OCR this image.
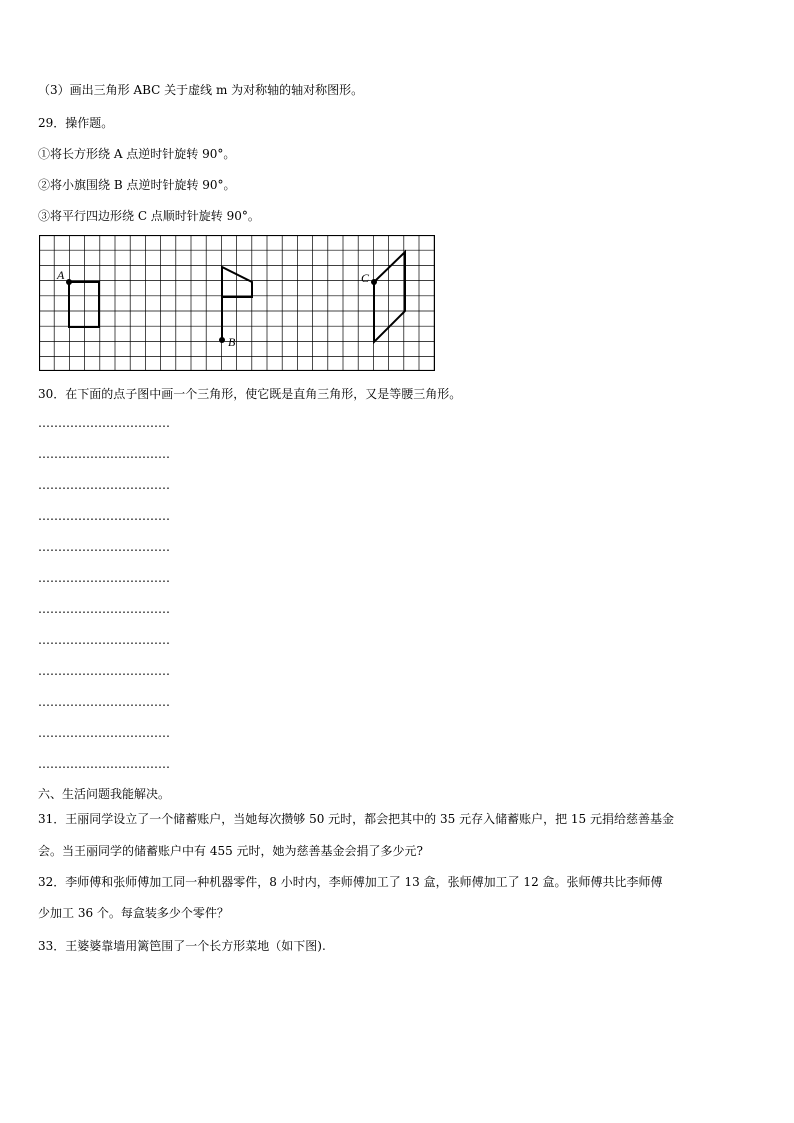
（3）画出三角形 ABC 关于虚线 m 为对称轴的轴对称图形。
29．操作题。
①将长方形绕 A 点逆时针旋转 90°。
②将小旗围绕 B 点逆时针旋转 90°。
③将平行四边形绕 C 点顺时针旋转 90°。
A
B
C
30．在下面的点子图中画一个三角形，使它既是直角三角形，又是等腰三角形。
……………………………
……………………………
……………………………
……………………………
……………………………
……………………………
……………………………
……………………………
……………………………
……………………………
……………………………
……………………………
六、生活问题我能解决。
31．王丽同学设立了一个储蓄账户，当她每次攒够 50 元时，都会把其中的 35 元存入储蓄账户，把 15 元捐给慈善基金
会。当王丽同学的储蓄账户中有 455 元时，她为慈善基金会捐了多少元?
32．李师傅和张师傅加工同一种机器零件，8 小时内，李师傅加工了 13 盒，张师傅加工了 12 盒。张师傅共比李师傅
少加工 36 个。每盒装多少个零件？
33．王婆婆靠墙用篱笆围了一个长方形菜地（如下图).
